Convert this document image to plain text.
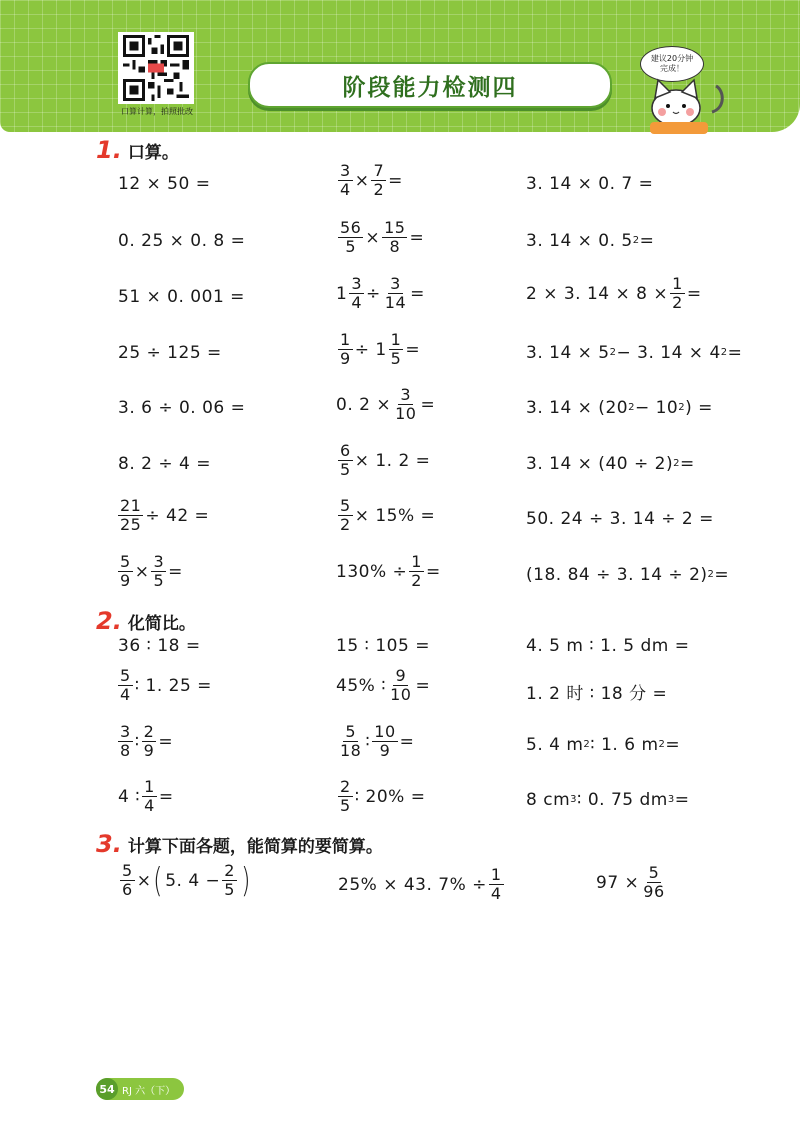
口算计算，拍照批改
阶段能力检测四
建议20分钟
完成！
1. 口算。
12 × 50 =	$\frac{3}{4} \times \frac{7}{2}$ =	3. 14 × 0. 7 =
0. 25 × 0. 8 =	$\frac{56}{5} \times \frac{15}{8}$ =	3. 14 × 0. 5 2 =
51 × 0. 001 =	$1 \frac{3}{4} \div \frac{3}{14}$ =	2 × 3. $14 \times 8 \times \frac{1}{2}$ =
25 ÷ 125 =	$\frac{1}{9} \div 1 \frac{1}{5}$ =	3. 14 × 5 2 − 3. 14 × 4 2 =
3. 6 ÷ 0. 06 =	0. $2 \times \frac{3}{10}$ =	3. 14 × (20 2 − 10 2 ) =
8. 2 ÷ 4 =	$\frac{6}{5} \times 1$. 2 =	3. 14 × (40 ÷ 2) 2 =
$\frac{21}{25} \div 42$ =	$\frac{5}{2} \times 15\%$ =	50. 24 ÷ 3. 14 ÷ 2 =
$\frac{5}{9} \times \frac{3}{5}$ =	$130\% \div \frac{1}{2}$ =	(18. 84 ÷ 3. 14 ÷ 2) 2 =
2. 化简比。
36 ∶ 18 =	15 ∶ 105 =	4. 5 m ∶ 1. 5 dm =
$\frac{5}{4}$ ∶ 1. 25 =	45% ∶ $\frac{9}{10}$ =	1. 2 时 ∶ 18 分 =
$\frac{3}{8}$ ∶ $\frac{2}{9}$ =	$\frac{5}{18}$ ∶ $\frac{10}{9}$ =	5. 4 m 2 ∶ 1. 6 m 2 =
4 ∶ $\frac{1}{4}$ =	$\frac{2}{5}$ ∶ 20% =	8 cm 3 ∶ 0. 75 dm 3 =
3. 计算下面各题，能简算的要简算。
$\frac{5}{6}$ × ( 5. $4 - \frac{2}{5}$ )	25% × 43. $7\% \div \frac{1}{4}$	$97 \times \frac{5}{96}$
54 RJ 六（下）
